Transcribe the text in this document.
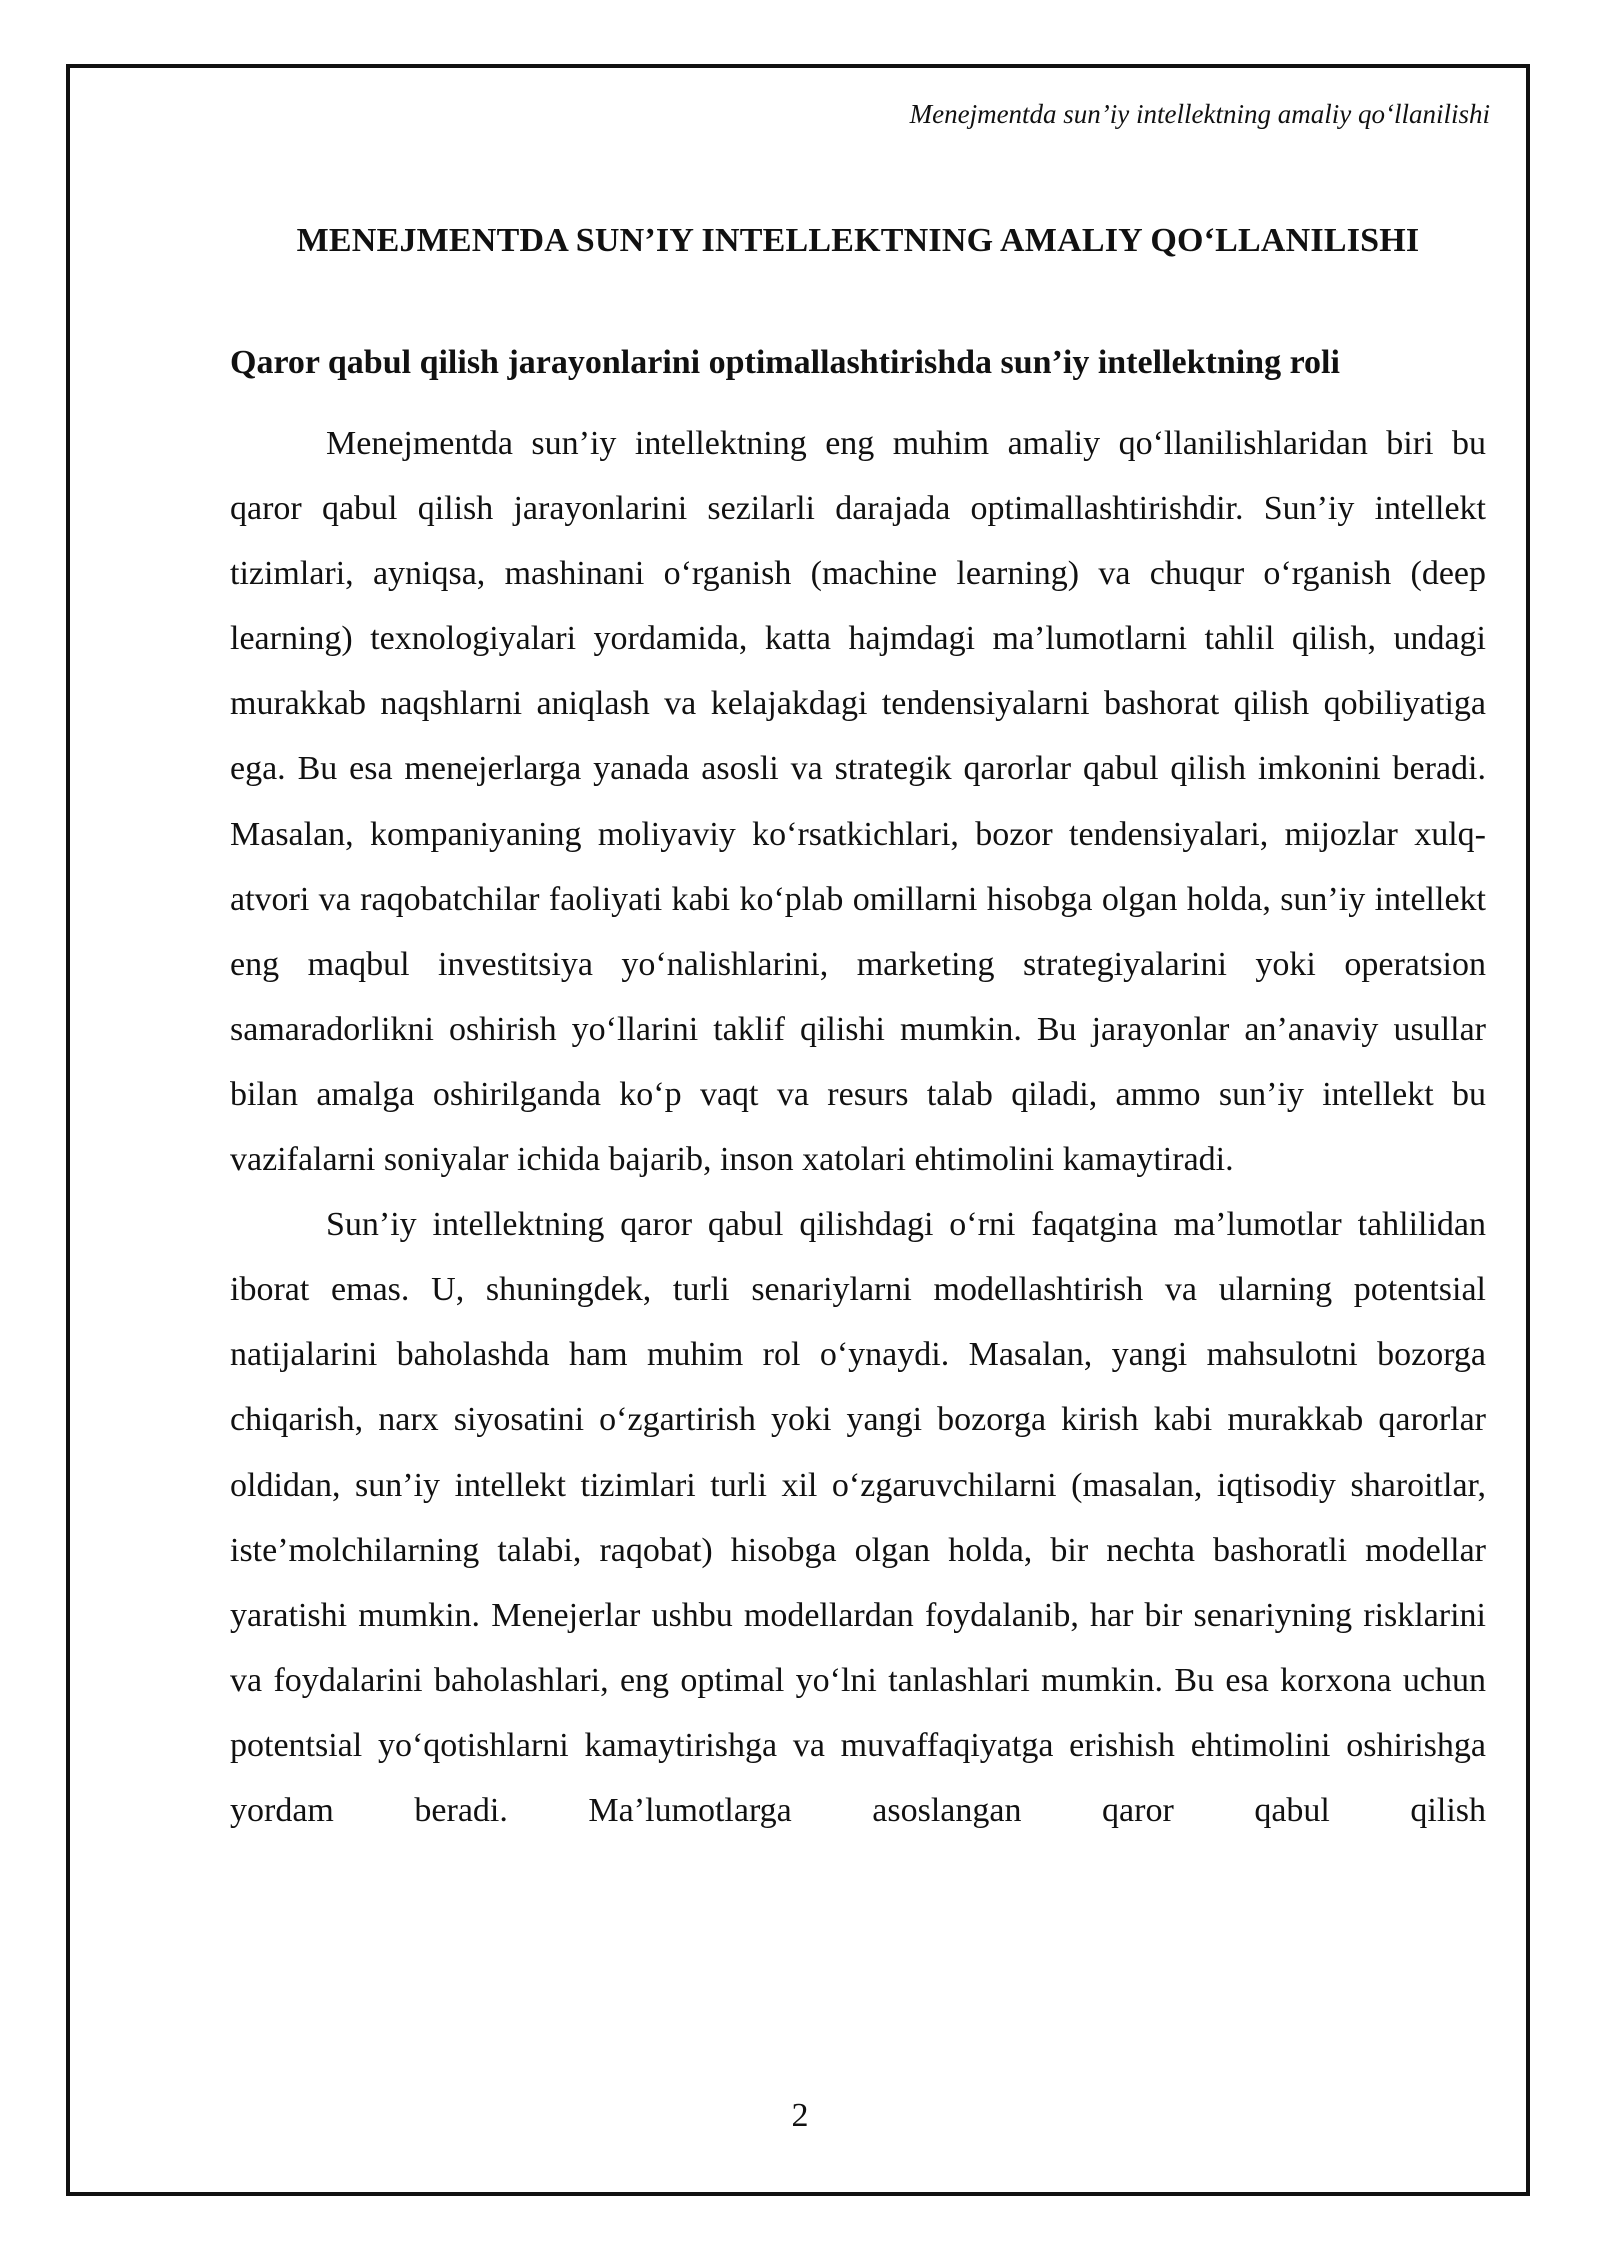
Menejmentda sun’iy intellektning amaliy qo‘llanilishi
MENEJMENTDA SUN’IY INTELLEKTNING AMALIY QO‘LLANILISHI
Qaror qabul qilish jarayonlarini optimallashtirishda sun’iy intellektning roli

Menejmentda sun’iy intellektning eng muhim amaliy qo‘llanilishlaridan biri bu qaror qabul qilish jarayonlarini sezilarli darajada optimallashtirishdir. Sun’iy intellekt tizimlari, ayniqsa, mashinani o‘rganish (machine learning) va chuqur o‘rganish (deep learning) texnologiyalari yordamida, katta hajmdagi ma’lumotlarni tahlil qilish, undagi murakkab naqshlarni aniqlash va kelajakdagi tendensiyalarni bashorat qilish qobiliyatiga ega. Bu esa menejerlarga yanada asosli va strategik qarorlar qabul qilish imkonini beradi. Masalan, kompaniyaning moliyaviy ko‘rsatkichlari, bozor tendensiyalari, mijozlar xulq-atvori va raqobatchilar faoliyati kabi ko‘plab omillarni hisobga olgan holda, sun’iy intellekt eng maqbul investitsiya yo‘nalishlarini, marketing strategiyalarini yoki operatsion samaradorlikni oshirish yo‘llarini taklif qilishi mumkin. Bu jarayonlar an’anaviy usullar bilan amalga oshirilganda ko‘p vaqt va resurs talab qiladi, ammo sun’iy intellekt bu vazifalarni soniyalar ichida bajarib, inson xatolari ehtimolini kamaytiradi.

Sun’iy intellektning qaror qabul qilishdagi o‘rni faqatgina ma’lumotlar tahlilidan iborat emas. U, shuningdek, turli senariylarni modellashtirish va ularning potentsial natijalarini baholashda ham muhim rol o‘ynaydi. Masalan, yangi mahsulotni bozorga chiqarish, narx siyosatini o‘zgartirish yoki yangi bozorga kirish kabi murakkab qarorlar oldidan, sun’iy intellekt tizimlari turli xil o‘zgaruvchilarni (masalan, iqtisodiy sharoitlar, iste’molchilarning talabi, raqobat) hisobga olgan holda, bir nechta bashoratli modellar yaratishi mumkin. Menejerlar ushbu modellardan foydalanib, har bir senariyning risklarini va foydalarini baholashlari, eng optimal yo‘lni tanlashlari mumkin. Bu esa korxona uchun potentsial yo‘qotishlarni kamaytirishga va muvaffaqiyatga erishish ehtimolini oshirishga yordam beradi. Ma’lumotlarga asoslangan qaror qabul qilish

2
